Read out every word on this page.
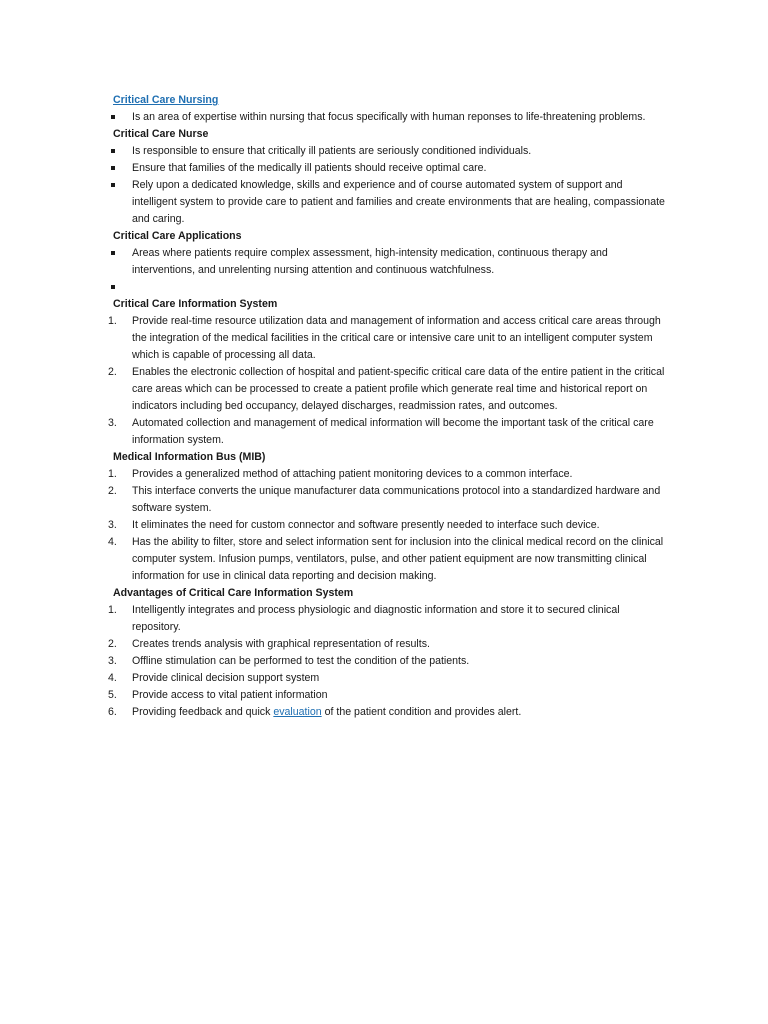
Critical Care Nursing
Is an area of expertise within nursing that focus specifically with human reponses to life-threatening problems.
Critical Care Nurse
Is responsible to ensure that critically ill patients are seriously conditioned individuals.
Ensure that families of the medically ill patients should receive optimal care.
Rely upon a dedicated knowledge, skills and experience and of course automated system of support and intelligent system to provide care to patient and families and create environments that are healing, compassionate and caring.
Critical Care Applications
Areas where patients require complex assessment, high-intensity medication, continuous therapy and interventions, and unrelenting nursing attention and continuous watchfulness.
Critical Care Information System
1.	Provide real-time resource utilization data and management of information and access critical care areas through the integration of the medical facilities in the critical care or intensive care unit to an intelligent computer system which is capable of processing all data.
2.	Enables the electronic collection of hospital and patient-specific critical care data of the entire patient in the critical care areas which can be processed to create a patient profile which generate real time and historical report on indicators including bed occupancy, delayed discharges, readmission rates, and outcomes.
3.	Automated collection and management of medical information will become the important task of the critical care information system.
Medical Information Bus (MIB)
1.	Provides a generalized method of attaching patient monitoring devices to a common interface.
2.	This interface converts the unique manufacturer data communications protocol into a standardized hardware and software system.
3.	It eliminates the need for custom connector and software presently needed to interface such device.
4.	Has the ability to filter, store and select information sent for inclusion into the clinical medical record on the clinical computer system. Infusion pumps, ventilators, pulse, and other patient equipment are now transmitting clinical information for use in clinical data reporting and decision making.
Advantages of Critical Care Information System
1.	Intelligently integrates and process physiologic and diagnostic information and store it to secured clinical repository.
2.	Creates trends analysis with graphical representation of results.
3.	Offline stimulation can be performed to test the condition of the patients.
4.	Provide clinical decision support system
5.	Provide access to vital patient information
6.	Providing feedback and quick evaluation of the patient condition and provides alert.
